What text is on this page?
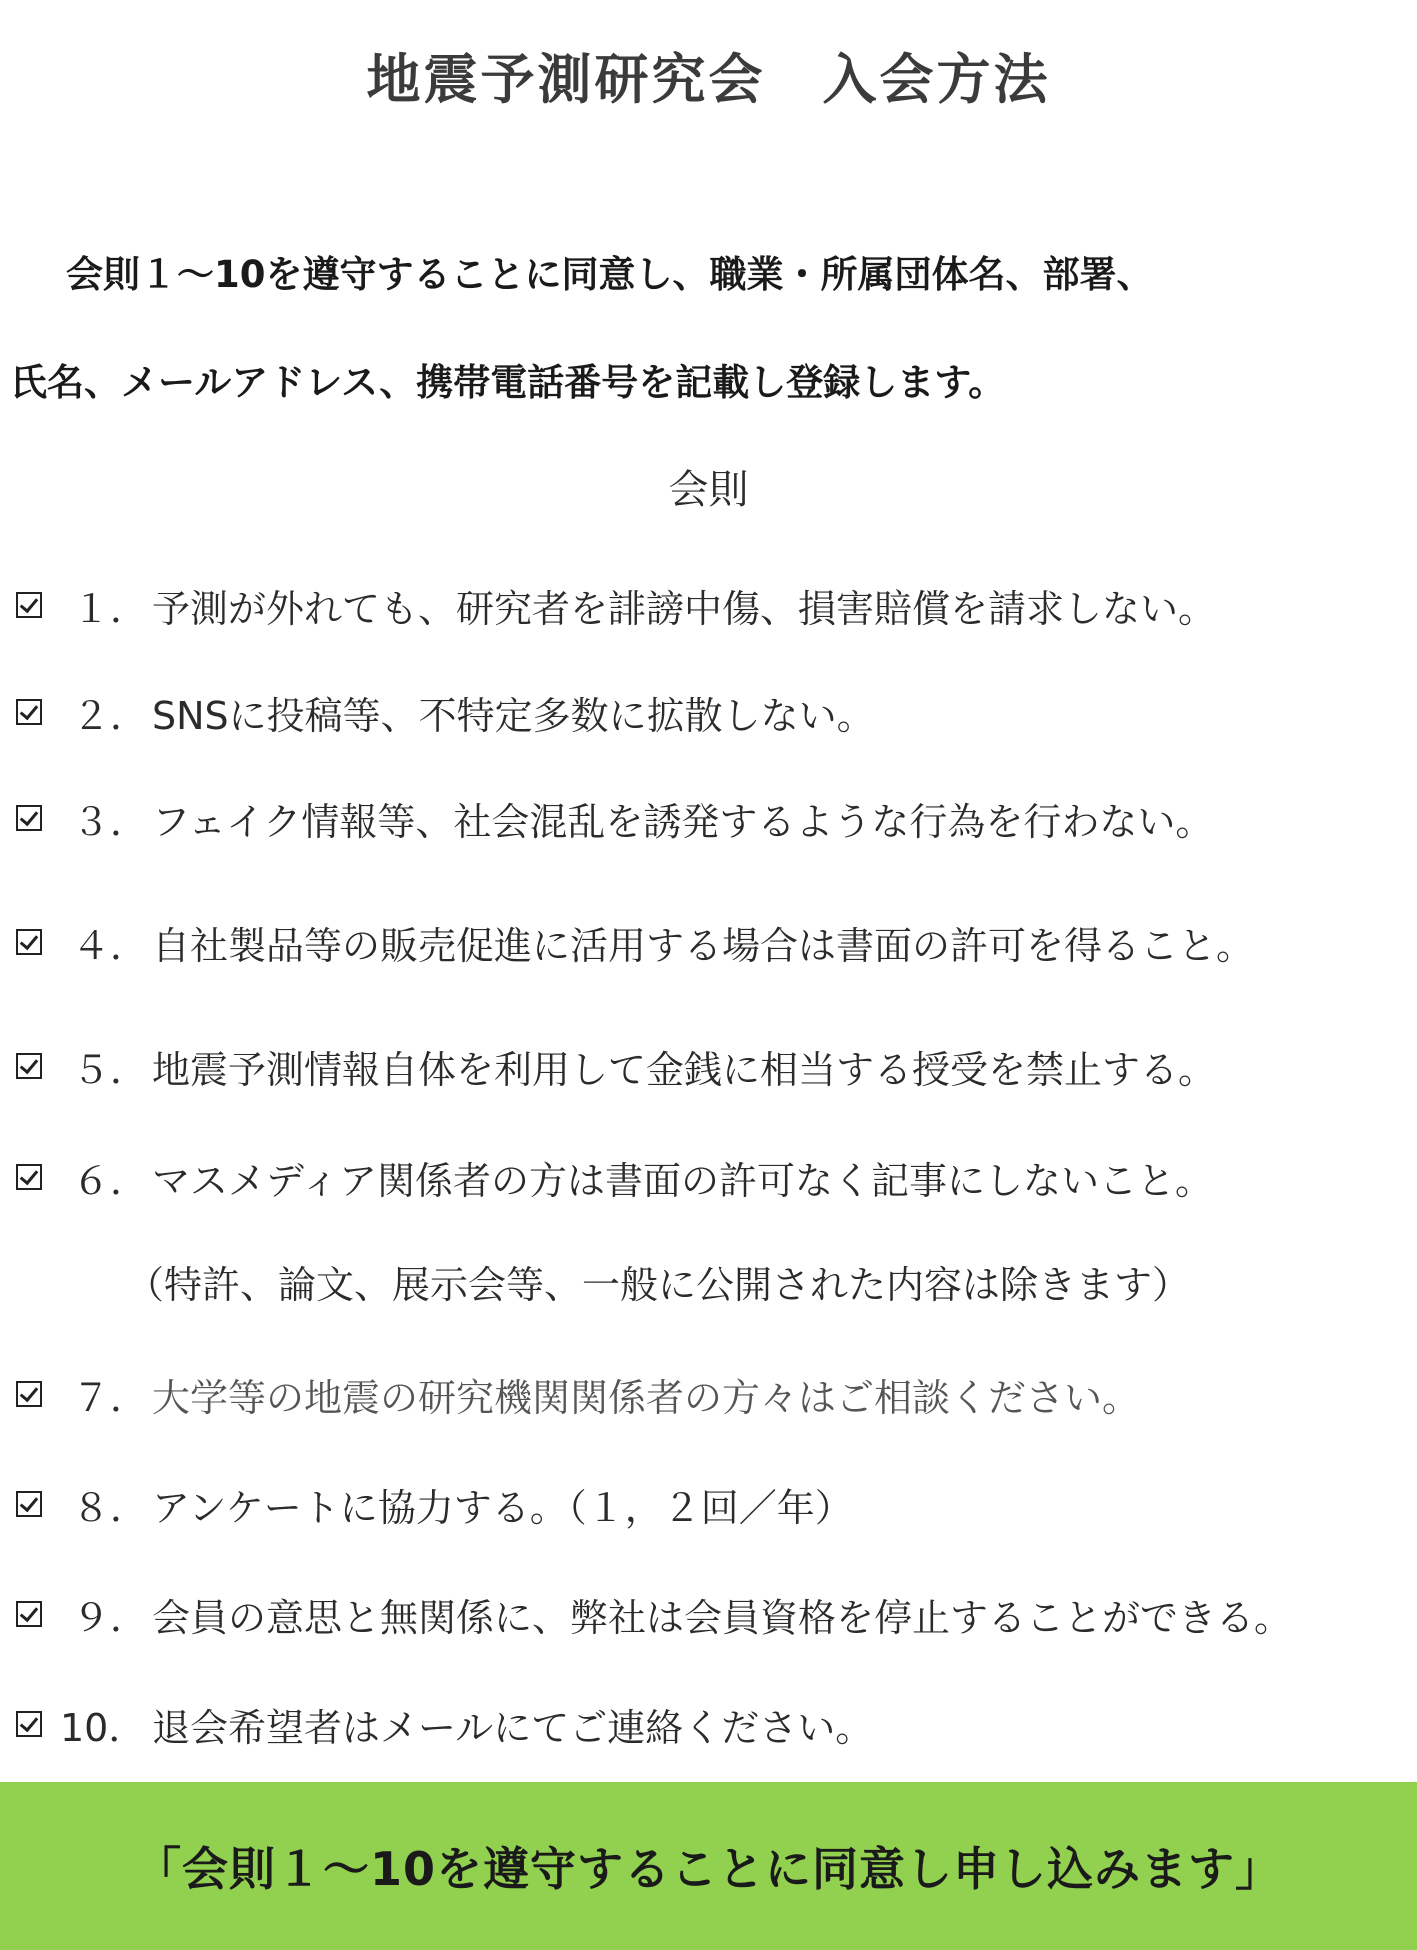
地震予測研究会　入会方法
会則１～10を遵守することに同意し、職業・所属団体名、部署、
氏名、メールアドレス、携帯電話番号を記載し登録します。
会則
１． 予測が外れても、研究者を誹謗中傷、損害賠償を請求しない。
２． SNSに投稿等、不特定多数に拡散しない。
３． フェイク情報等、社会混乱を誘発するような行為を行わない。
４． 自社製品等の販売促進に活用する場合は書面の許可を得ること。
５． 地震予測情報自体を利用して金銭に相当する授受を禁止する。
６． マスメディア関係者の方は書面の許可なく記事にしないこと。
（特許、論文、展示会等、一般に公開された内容は除きます）
７． 大学等の地震の研究機関関係者の方々はご相談ください。
８． アンケートに協力する。（１，２回／年）
９． 会員の意思と無関係に、弊社は会員資格を停止することができる。
10． 退会希望者はメールにてご連絡ください。
「会則１～10を遵守することに同意し申し込みます」
